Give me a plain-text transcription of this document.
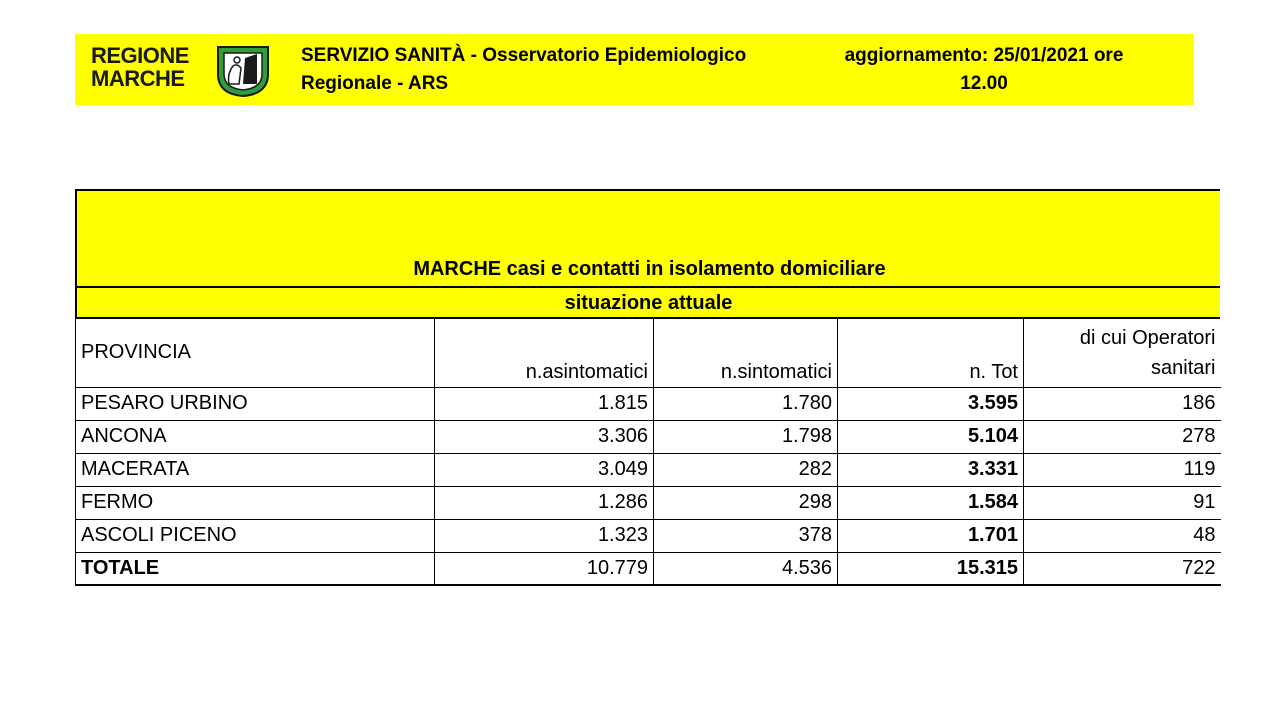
REGIONE
MARCHE
SERVIZIO SANITÀ - Osservatorio Epidemiologico Regionale - ARS
aggiornamento: 25/01/2021 ore 12.00
MARCHE casi e contatti in isolamento domiciliare
situazione attuale
PROVINCIA	n.asintomatici	n.sintomatici	n. Tot	di cui Operatori sanitari
PESARO URBINO	1.815	1.780	3.595	186
ANCONA	3.306	1.798	5.104	278
MACERATA	3.049	282	3.331	119
FERMO	1.286	298	1.584	91
ASCOLI PICENO	1.323	378	1.701	48
TOTALE	10.779	4.536	15.315	722
